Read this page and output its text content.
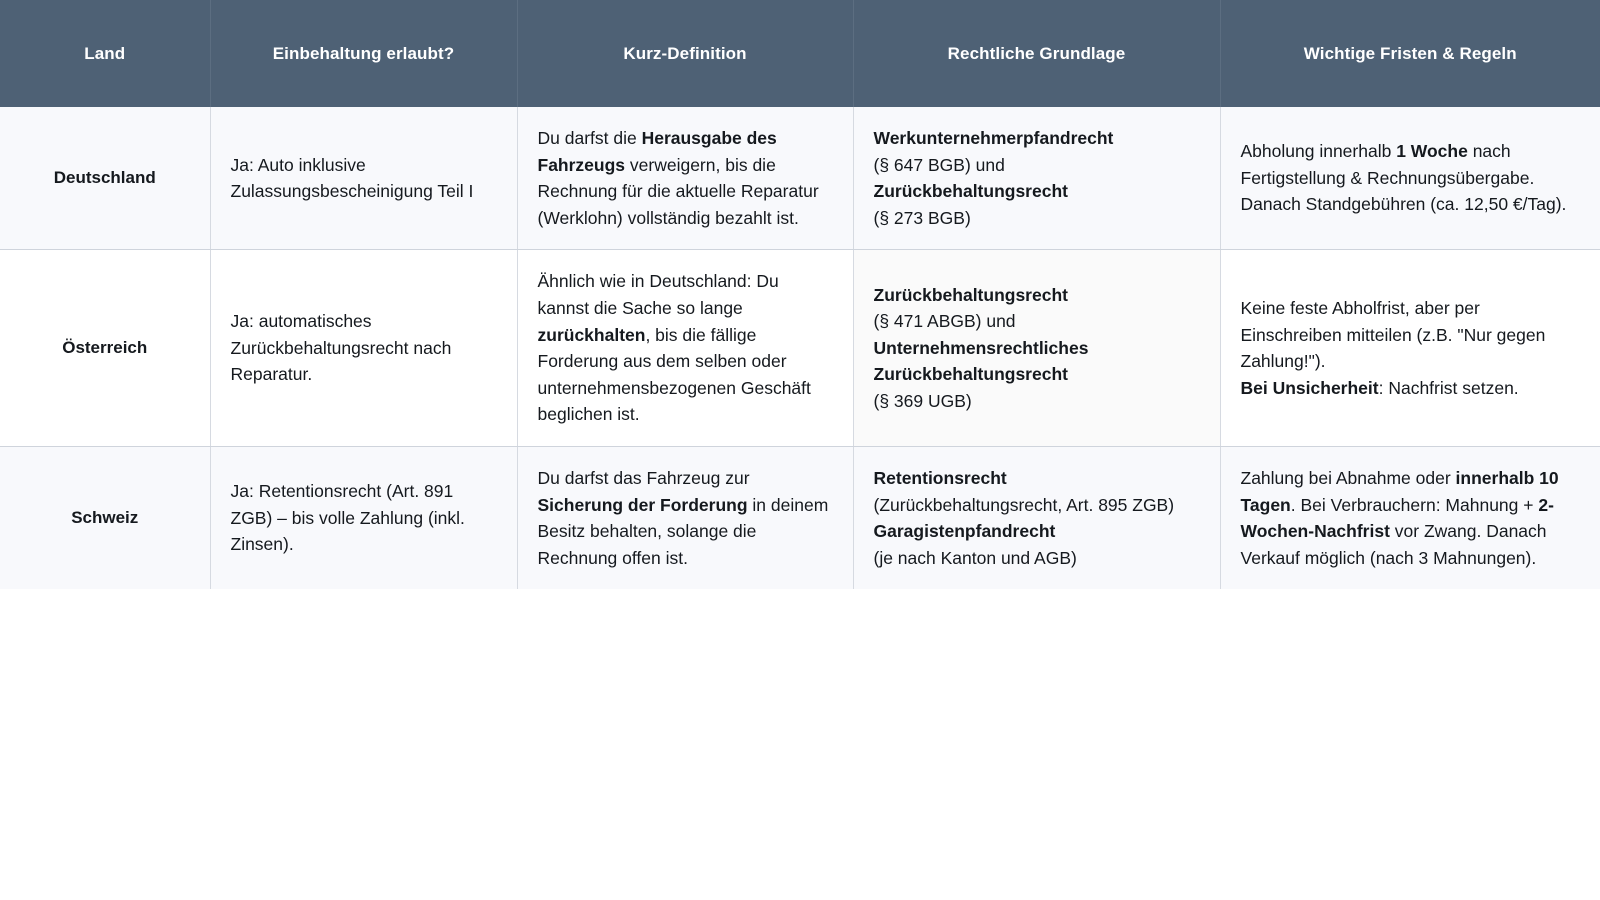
Land	Einbehaltung erlaubt?	Kurz-Definition	Rechtliche Grundlage	Wichtige Fristen & Regeln
Deutschland	Ja: Auto inklusive Zulassungsbescheinigung Teil I	Du darfst die Herausgabe des Fahrzeugs verweigern, bis die Rechnung für die aktuelle Reparatur (Werklohn) vollständig bezahlt ist.	Werkunternehmerpfandrecht
(§ 647 BGB) und
Zurückbehaltungsrecht
(§ 273 BGB)	Abholung innerhalb 1 Woche nach Fertigstellung & Rechnungsübergabe. Danach Standgebühren (ca. 12,50 €/Tag).

Österreich	Ja: automatisches Zurückbehaltungsrecht nach Reparatur.	Ähnlich wie in Deutschland: Du kannst die Sache so lange zurückhalten, bis die fällige Forderung aus dem selben oder unternehmensbezogenen Geschäft beglichen ist.	Zurückbehaltungsrecht
(§ 471 ABGB) und
Unternehmensrechtliches Zurückbehaltungsrecht
(§ 369 UGB)	Keine feste Abholfrist, aber per Einschreiben mitteilen (z.B. "Nur gegen Zahlung!").
Bei Unsicherheit: Nachfrist setzen.

Schweiz	Ja: Retentionsrecht (Art. 891 ZGB) – bis volle Zahlung (inkl. Zinsen).	Du darfst das Fahrzeug zur Sicherung der Forderung in deinem Besitz behalten, solange die Rechnung offen ist.	Retentionsrecht
(Zurückbehaltungsrecht, Art. 895 ZGB)
Garagistenpfandrecht
(je nach Kanton und AGB)	Zahlung bei Abnahme oder innerhalb 10 Tagen. Bei Verbrauchern: Mahnung + 2-Wochen-Nachfrist vor Zwang. Danach Verkauf möglich (nach 3 Mahnungen).
